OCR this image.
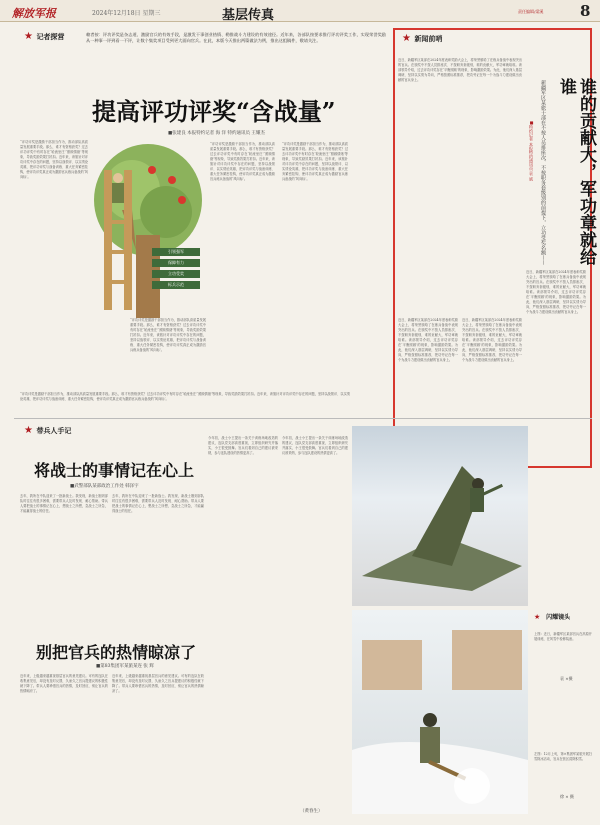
解放军报	2024年12月18日 星期三	基层传真	责任编辑/梁溪 8
★ 记者探营	赖者按：评功评奖是杂志道、激励官兵的有效手段，是激发干事创业热情、勒推战斗力建设的有效途径。近年来，各部队按要求推行评功评奖工作，实现荣誉奖励从一种事一评到看一不评，让数个集奖项目受到更大面向官兵。在此，本版今天推出两篇做法为例，推出这组稿件，敬请关注。
提高评功评奖“含战量”
■张建良 本报特约记者 海 洋 特约通讯员 王耀杰
“评功评奖是激励干部担当作为，推动部队高质量发展重要手段。那么，谁才有资格获奖？过去评功评奖中有时存在‘轮流坐庄’‘照顾情绪’等现象，导致奖励效果打折扣。近年来，该旅针对评功评奖中存在的问题，坚持以战领评、以实绩论英雄，把评功评奖与战备训练、重大任务紧密挂钩，使评功评奖真正成为激励官兵练兵备战的‘风向标’。
“评功评奖是激励干部担当作为，推动部队高质量发展重要手段。那么，谁才有资格获奖？过去评功评奖中有时存在‘轮流坐庄’‘照顾情绪’等现象，导致奖励效果打折扣。近年来，该旅针对评功评奖中存在的问题，坚持以战领评、以实绩论英雄，把评功评奖与战备训练、重大任务紧密挂钩，使评功评奖真正成为激励官兵练兵备战的‘风向标’。
“评功评奖是激励干部担当作为，推动部队高质量发展重要手段。那么，谁才有资格获奖？过去评功评奖中有时存在‘轮流坐庄’‘照顾情绪’等现象，导致奖励效果打折扣。近年来，该旅针对评功评奖中存在的问题，坚持以战领评、以实绩论英雄，把评功评奖与战备训练、重大任务紧密挂钩，使评功评奖真正成为激励官兵练兵备战的‘风向标’。
“评功评奖是激励干部担当作为，推动部队高质量发展重要手段。那么，谁才有资格获奖？过去评功评奖中有时存在‘轮流坐庄’‘照顾情绪’等现象，导致奖励效果打折扣。近年来，该旅针对评功评奖中存在的问题，坚持以战领评、以实绩论英雄，把评功评奖与战备训练、重大任务紧密挂钩，使评功评奖真正成为激励官兵练兵备战的‘风向标’。
“评功评奖是激励干部担当作为，推动部队高质量发展重要手段。那么，谁才有资格获奖？过去评功评奖中有时存在‘轮流坐庄’‘照顾情绪’等现象，导致奖励效果打折扣。近年来，该旅针对评功评奖中存在的问题，坚持以战领评、以实绩论英雄，把评功评奖与战备训练、重大任务紧密挂钩，使评功评奖真正成为激励官兵练兵备战的‘风向标’。
引领强军
保障有力
立功受奖
标兵示范
★ 新闻前哨
谁的贡献大，军功章就给谁
新疆军区某旅干部在不按人员排座次、不按职务套级别的前提下，立功受奖名额——
■特约记者 本报特约通讯员 袁 斌
近日，新疆军区某部在2024年度表彰奖励大会上，将荣誉颁给了在练兵备战中表现突出的官兵。在颁奖中不按人员排座次、不按职务套级别，谁的贡献大，军功章就给谁。该部领导介绍，过去评功评奖存在‘平衡照顾’的现象，影响激励效果。为此，他们深入基层调研，坚持以实绩为导向，严格按照标准推荐，把功劳记在每一个为战斗力建设做出贡献的官兵身上。
近日，新疆军区某部在2024年度表彰奖励大会上，将荣誉颁给了在练兵备战中表现突出的官兵。在颁奖中不按人员排座次、不按职务套级别，谁的贡献大，军功章就给谁。该部领导介绍，过去评功评奖存在‘平衡照顾’的现象，影响激励效果。为此，他们深入基层调研，坚持以实绩为导向，严格按照标准推荐，把功劳记在每一个为战斗力建设做出贡献的官兵身上。
近日，新疆军区某部在2024年度表彰奖励大会上，将荣誉颁给了在练兵备战中表现突出的官兵。在颁奖中不按人员排座次、不按职务套级别，谁的贡献大，军功章就给谁。该部领导介绍，过去评功评奖存在‘平衡照顾’的现象，影响激励效果。为此，他们深入基层调研，坚持以实绩为导向，严格按照标准推荐，把功劳记在每一个为战斗力建设做出贡献的官兵身上。
近日，新疆军区某部在2024年度表彰奖励大会上，将荣誉颁给了在练兵备战中表现突出的官兵。在颁奖中不按人员排座次、不按职务套级别，谁的贡献大，军功章就给谁。该部领导介绍，过去评功评奖存在‘平衡照顾’的现象，影响激励效果。为此，他们深入基层调研，坚持以实绩为导向，严格按照标准推荐，把功劳记在每一个为战斗力建设做出贡献的官兵身上。
★ 带兵人手记
将战士的事情记在心上
■武警部队某部政治工作处 韩泽宇
去年，我所在中队迎来了一批新战士。我发现，新战士刚到部队时往往有很多困难，需要带兵人及时发现、耐心帮助。带兵人要把战士的事情记在心上，想战士之所想，急战士之所急，才能赢得战士的信任。
去年，我所在中队迎来了一批新战士。我发现，新战士刚到部队时往往有很多困难，需要带兵人及时发现、耐心帮助。带兵人要把战士的事情记在心上，想战士之所想，急战士之所急，才能赢得战士的信任。
别把官兵的热情晾凉了
■第83集团军某旅某连 张 辉
近年来，上级越来越重视基层官兵的意见建议。可有的连队在收集意见后，却没有及时反馈，久而久之官兵提建议的积极性就下降了。带兵人要珍惜官兵的热情，及时回应，别让官兵的热情晾凉了。
近年来，上级越来越重视基层官兵的意见建议。可有的连队在收集意见后，却没有及时反馈，久而久之官兵提建议的积极性就下降了。带兵人要珍惜官兵的热情，及时回应，别让官兵的热情晾凉了。
今年初，战士小王提出一条关于训练场地改造的建议，连队党支部高度重视，立即组织研究并落实，小王很受鼓舞。官兵们看到自己的建议被采纳，参与连队建设的热情更高了。
今年初，战士小王提出一条关于训练场地改造的建议，连队党支部高度重视，立即组织研究并落实，小王很受鼓舞。官兵们看到自己的建议被采纳，参与连队建设的热情更高了。
（黄春生）
★ 闪耀镜头
上图：近日，新疆军区某部官兵在高原开展训练，在风雪中检修装备。
袁 ×摄
左图：12月上旬，第×集团军某旅开展扫雪除冰活动，官兵在营区清除积雪。
徐 × 摄
